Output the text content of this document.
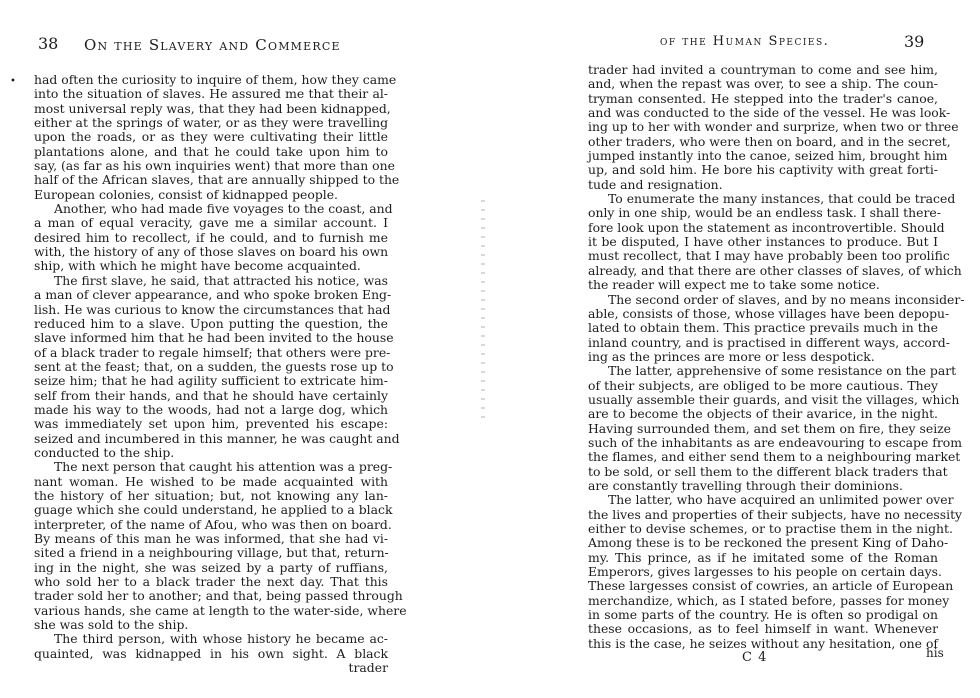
38 On the Slavery and Commerce
• had often the curiosity to inquire of them, how they came
into the situation of slaves. He assured me that their al-
most universal reply was, that they had been kidnapped,
either at the springs of water, or as they were travelling
upon the roads, or as they were cultivating their little
plantations alone, and that he could take upon him to
say, (as far as his own inquiries went) that more than one
half of the African slaves, that are annually shipped to the
European colonies, consist of kidnapped people.
Another, who had made five voyages to the coast, and
a man of equal veracity, gave me a similar account. I
desired him to recollect, if he could, and to furnish me
with, the history of any of those slaves on board his own
ship, with which he might have become acquainted.
The first slave, he said, that attracted his notice, was
a man of clever appearance, and who spoke broken Eng-
lish. He was curious to know the circumstances that had
reduced him to a slave. Upon putting the question, the
slave informed him that he had been invited to the house
of a black trader to regale himself; that others were pre-
sent at the feast; that, on a sudden, the guests rose up to
seize him; that he had agility sufficient to extricate him-
self from their hands, and that he should have certainly
made his way to the woods, had not a large dog, which
was immediately set upon him, prevented his escape:
seized and incumbered in this manner, he was caught and
conducted to the ship.
The next person that caught his attention was a preg-
nant woman. He wished to be made acquainted with
the history of her situation; but, not knowing any lan-
guage which she could understand, he applied to a black
interpreter, of the name of Afou, who was then on board.
By means of this man he was informed, that she had vi-
sited a friend in a neighbouring village, but that, return-
ing in the night, she was seized by a party of ruffians,
who sold her to a black trader the next day. That this
trader sold her to another; and that, being passed through
various hands, she came at length to the water-side, where
she was sold to the ship.
The third person, with whose history he became ac-
quainted, was kidnapped in his own sight. A black
trader
of the Human Species.	39
trader had invited a countryman to come and see him,
and, when the repast was over, to see a ship. The coun-
tryman consented. He stepped into the trader's canoe,
and was conducted to the side of the vessel. He was look-
ing up to her with wonder and surprize, when two or three
other traders, who were then on board, and in the secret,
jumped instantly into the canoe, seized him, brought him
up, and sold him. He bore his captivity with great forti-
tude and resignation.
To enumerate the many instances, that could be traced
only in one ship, would be an endless task. I shall there-
fore look upon the statement as incontrovertible. Should
it be disputed, I have other instances to produce. But I
must recollect, that I may have probably been too prolific
already, and that there are other classes of slaves, of which
the reader will expect me to take some notice.
The second order of slaves, and by no means inconsider-
able, consists of those, whose villages have been depopu-
lated to obtain them. This practice prevails much in the
inland country, and is practised in different ways, accord-
ing as the princes are more or less despotick.
The latter, apprehensive of some resistance on the part
of their subjects, are obliged to be more cautious. They
usually assemble their guards, and visit the villages, which
are to become the objects of their avarice, in the night.
Having surrounded them, and set them on fire, they seize
such of the inhabitants as are endeavouring to escape from
the flames, and either send them to a neighbouring market
to be sold, or sell them to the different black traders that
are constantly travelling through their dominions.
The latter, who have acquired an unlimited power over
the lives and properties of their subjects, have no necessity
either to devise schemes, or to practise them in the night.
Among these is to be reckoned the present King of Daho-
my. This prince, as if he imitated some of the Roman
Emperors, gives largesses to his people on certain days.
These largesses consist of cowries, an article of European
merchandize, which, as I stated before, passes for money
in some parts of the country. He is often so prodigal on
these occasions, as to feel himself in want. Whenever
this is the case, he seizes without any hesitation, one of
C 4	his
